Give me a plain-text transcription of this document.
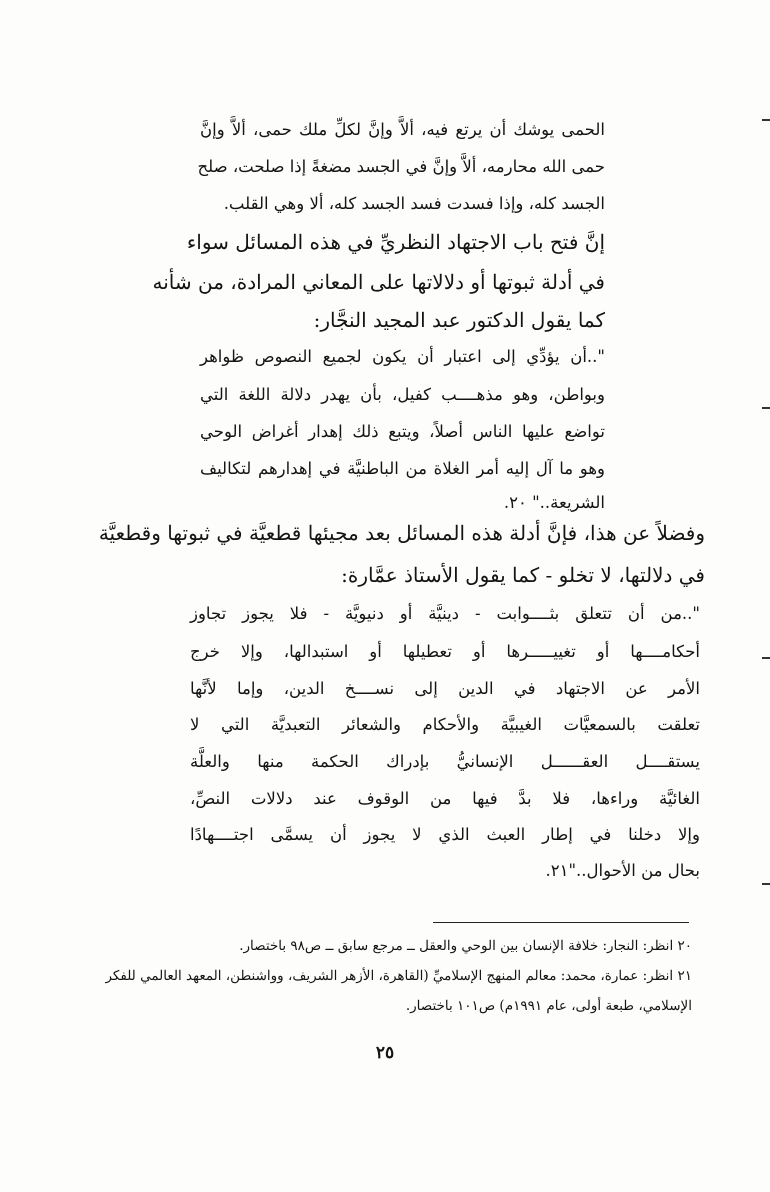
الحمى يوشك أن يرتع فيه، ألاَّ وإنَّ لكلِّ ملك حمى، ألاَّ وإنَّ
حمى الله محارمه، ألاَّ وإنَّ في الجسد مضغةً إذا صلحت، صلح
الجسد كله، وإذا فسدت فسد الجسد كله، ألا وهي القلب.
إنَّ فتح باب الاجتهاد النظريِّ في هذه المسائل سواء
في أدلة ثبوتها أو دلالاتها على المعاني المرادة، من شأنه
كما يقول الدكتور عبد المجيد النجَّار:
"..أن يؤدِّي إلى اعتبار أن يكون لجميع النصوص ظواهر
وبواطن، وهو مذهــــب كفيل، بأن يهدر دلالة اللغة التي
تواضع عليها الناس أصلاً، ويتبع ذلك إهدار أغراض الوحي
وهو ما آل إليه أمر الغلاة من الباطنيَّة في إهدارهم لتكاليف
الشريعة.." ٢٠.
وفضلاً عن هذا، فإنَّ أدلة هذه المسائل بعد مجيئها قطعيَّة في ثبوتها وقطعيَّة
في دلالتها، لا تخلو - كما يقول الأستاذ عمَّارة:
"..من أن تتعلق بثــــوابت - دينيَّة أو دنيويَّة - فلا يجوز تجاوز
أحكامــــها أو تغييـــــرها أو تعطيلها أو استبدالها، وإلا خرج
الأمر عن الاجتهاد في الدين إلى نســــخ الدين، وإما لأنَّها
تعلقت بالسمعيَّات الغيبيَّة والأحكام والشعائر التعبديَّة التي لا
يستقــــل العقــــــل الإنسانيُّ بإدراك الحكمة منها والعلَّة
الغائيَّة وراءها، فلا بدَّ فيها من الوقوف عند دلالات النصِّ،
وإلا دخلنا في إطار العبث الذي لا يجوز أن يسمَّى اجتــــهادًا
بحال من الأحوال.."٢١.
٢٠ انظر: النجار: خلافة الإنسان بين الوحي والعقل ــ مرجع سابق ــ ص٩٨ باختصار.
٢١ انظر: عمارة، محمد: معالم المنهج الإسلاميِّ (القاهرة، الأزهر الشريف، وواشنطن، المعهد العالمي للفكر
الإسلامي، طبعة أولى، عام ١٩٩١م) ص١٠١ باختصار.
٢٥
